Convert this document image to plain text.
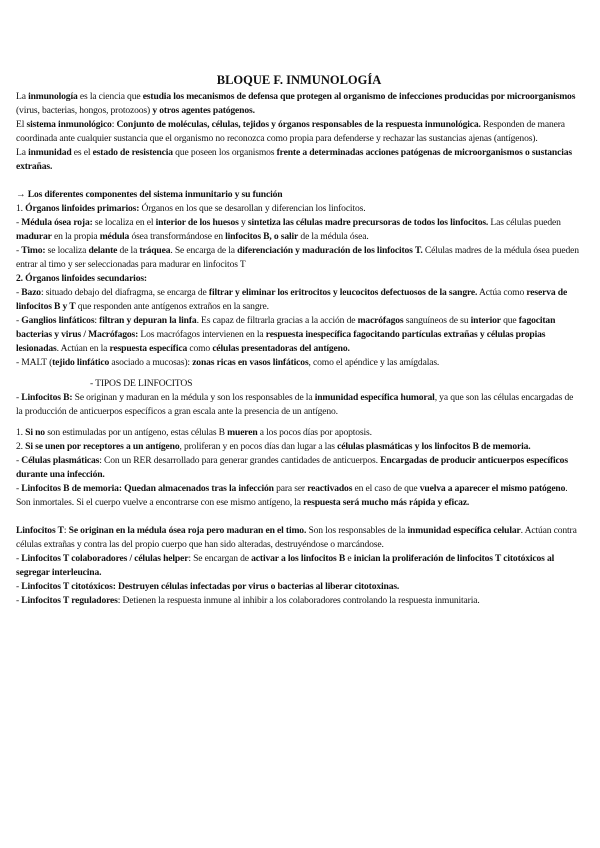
BLOQUE F. INMUNOLOGÍA

La inmunología es la ciencia que estudia los mecanismos de defensa que protegen al organismo de infecciones producidas por microorganismos (virus, bacterias, hongos, protozoos) y otros agentes patógenos.

El sistema inmunológico: Conjunto de moléculas, células, tejidos y órganos responsables de la respuesta inmunológica. Responden de manera coordinada ante cualquier sustancia que el organismo no reconozca como propia para defenderse y rechazar las sustancias ajenas (antígenos).

La inmunidad es el estado de resistencia que poseen los organismos frente a determinadas acciones patógenas de microorganismos o sustancias extrañas.

→ Los diferentes componentes del sistema inmunitario y su función

1. Órganos linfoides primarios: Órganos en los que se desarollan y diferencian los linfocitos.

- Médula ósea roja: se localiza en el interior de los huesos y sintetiza las células madre precursoras de todos los linfocitos. Las células pueden madurar en la propia médula ósea transformándose en linfocitos B, o salir de la médula ósea.

- Timo: se localiza delante de la tráquea. Se encarga de la diferenciación y maduración de los linfocitos T. Células madres de la médula ósea pueden entrar al timo y ser seleccionadas para madurar en linfocitos T

2. Órganos linfoides secundarios:

- Bazo: situado debajo del diafragma, se encarga de filtrar y eliminar los eritrocitos y leucocitos defectuosos de la sangre. Actúa como reserva de linfocitos B y T que responden ante antígenos extraños en la sangre.

- Ganglios linfáticos: filtran y depuran la linfa. Es capaz de filtrarla gracias a la acción de macrófagos sanguíneos de su interior que fagocitan bacterias y virus / Macrófagos: Los macrófagos intervienen en la respuesta inespecífica fagocitando partículas extrañas y células propias lesionadas. Actúan en la respuesta específica como células presentadoras del antígeno.

- MALT (tejido linfático asociado a mucosas): zonas ricas en vasos linfáticos, como el apéndice y las amígdalas.

- TIPOS DE LINFOCITOS

- Linfocitos B: Se originan y maduran en la médula y son los responsables de la inmunidad específica humoral, ya que son las células encargadas de la producción de anticuerpos específicos a gran escala ante la presencia de un antígeno.

1. Si no son estimuladas por un antígeno, estas células B mueren a los pocos días por apoptosis.

2. Si se unen por receptores a un antígeno, proliferan y en pocos días dan lugar a las células plasmáticas y los linfocitos B de memoria.

- Células plasmáticas: Con un RER desarrollado para generar grandes cantidades de anticuerpos. Encargadas de producir anticuerpos específicos durante una infección.

- Linfocitos B de memoria: Quedan almacenados tras la infección para ser reactivados en el caso de que vuelva a aparecer el mismo patógeno. Son inmortales. Si el cuerpo vuelve a encontrarse con ese mismo antígeno, la respuesta será mucho más rápida y eficaz.

Linfocitos T: Se originan en la médula ósea roja pero maduran en el timo. Son los responsables de la inmunidad específica celular. Actúan contra células extrañas y contra las del propio cuerpo que han sido alteradas, destruyéndose o marcándose.

- Linfocitos T colaboradores / células helper: Se encargan de activar a los linfocitos B e inician la proliferación de linfocitos T citotóxicos al segregar interleucina.

- Linfocitos T citotóxicos: Destruyen células infectadas por virus o bacterias al liberar citotoxinas.

- Linfocitos T reguladores: Detienen la respuesta inmune al inhibir a los colaboradores controlando la respuesta inmunitaria.
